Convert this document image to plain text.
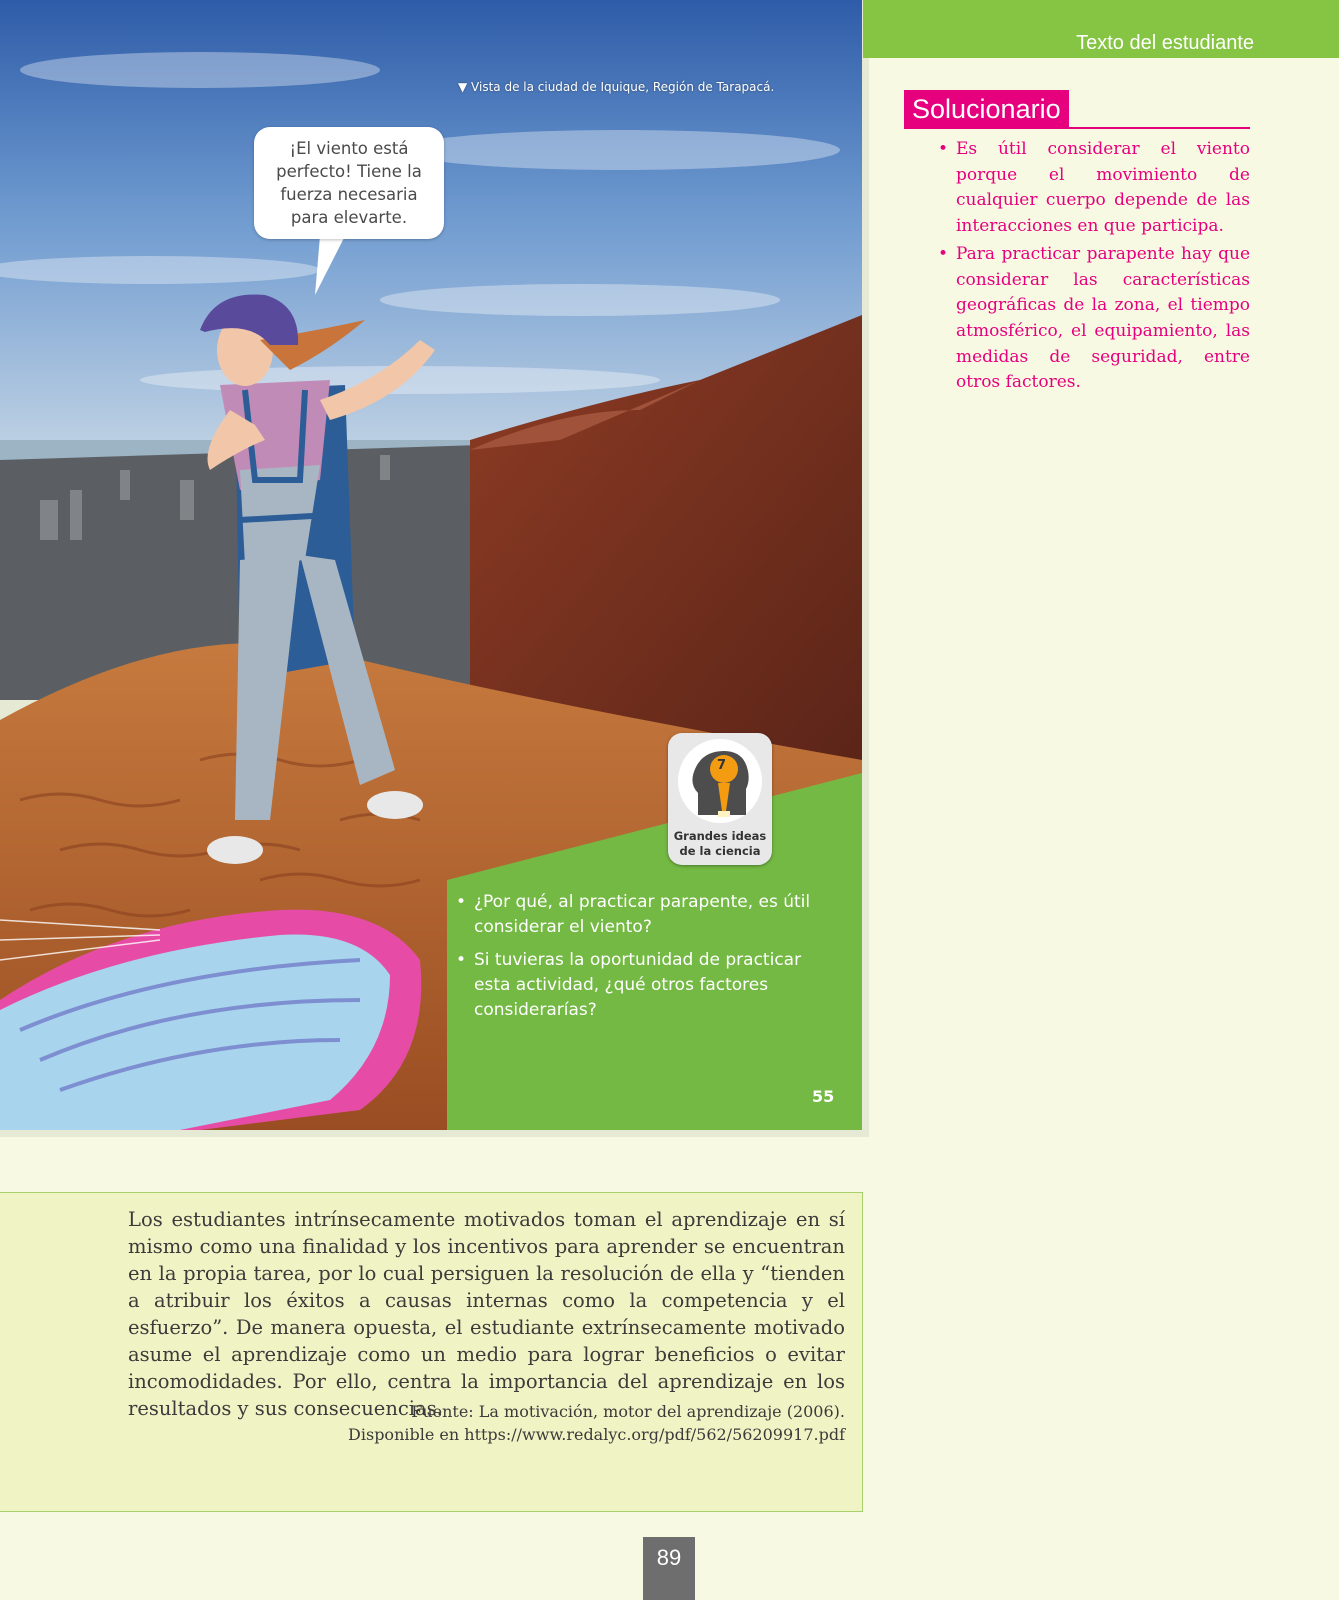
▼ Vista de la ciudad de Iquique, Región de Tarapacá.
¡El viento está perfecto! Tiene la fuerza necesaria para elevarte.
7
Grandes ideas
de la ciencia
• ¿Por qué, al practicar parapente, es útil considerar el viento?
• Si tuvieras la oportunidad de practicar esta actividad, ¿qué otros factores considerarías?
55
Texto del estudiante
Solucionario
• Es útil considerar el viento porque el movimiento de cualquier cuerpo depende de las interacciones en que participa.
• Para practicar parapente hay que considerar las características geográficas de la zona, el tiempo atmosférico, el equipamiento, las medidas de seguridad, entre otros factores.

Los estudiantes intrínsecamente motivados toman el aprendizaje en sí mismo como una finalidad y los incentivos para aprender se encuentran en la propia tarea, por lo cual persiguen la resolución de ella y “tienden a atribuir los éxitos a causas internas como la competencia y el esfuerzo”. De manera opuesta, el estudiante extrínsecamente motivado asume el aprendizaje como un medio para lograr beneficios o evitar incomodidades. Por ello, centra la importancia del aprendizaje en los resultados y sus consecuencias.

Fuente: La motivación, motor del aprendizaje (2006).
Disponible en https://www.redalyc.org/pdf/562/56209917.pdf
89
